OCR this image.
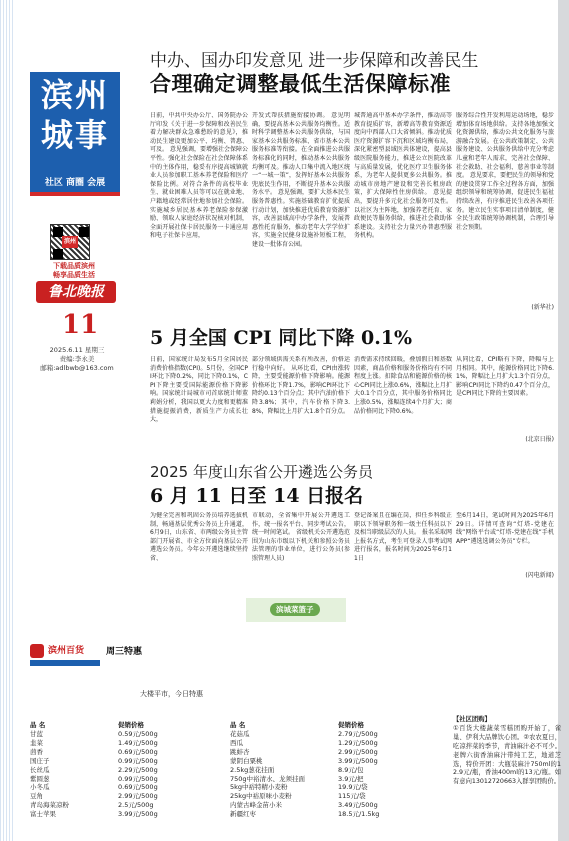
滨州
城事
社区 商圈 会展
滨州
下载品质滨州
畅享品质生活
鲁北晚报
11
2025.6.11 星期三
责编:李永美
邮箱:adlbwb@163.com
中办、国办印发意见 进一步保障和改善民生
合理确定调整最低生活保障标准
日前，中共中央办公厅、国务院办公厅印发《关于进一步保障和改善民生 着力解决群众急难愁盼的意见》，推动民生建设更加公平、均衡、普惠、可及。 意见强调，要增强社会保障公平性。强化社会保险在社会保障体系中的主体作用，稳妥有序提高城镇就业人员参加职工基本养老保险和医疗保险比例。对符合条件的高校毕业生、就业困难人员等可以在就业地、户籍地或经常居住地参加社会保险。实施城乡居民基本养老保险参保激励、领取人家庭经济状况核对机制，全面开展社保卡居民服务一卡通应用和电子社保卡应用，
开发式帮扶措施衔接协调。 意见明确，要提高基本公共服务均衡性。适时科学调整基本公共服务供给，与国家基本公共服务标准、省市基本公共服务标准等衔接。在全面推进公共服务标准化的同时，推动基本公共服务均衡可及。推动人口集中流入地区统一“一城一策”，发挥好基本公共服务兜底民生作用，不断提升基本公共服务水平。 意见强调，要扩大基本民生服务普惠性。实施基础教育扩优提质行动计划，加快推进优质教育资源扩容，改善县域高中办学条件，发展普惠性托育服务，推动老年大学学位扩容，实施全民健身设施补短板工程，建设一批体育公园。
城普通高中基本办学条件，推动高等教育提质扩容，新增高等教育资源适度向中西部人口大省倾斜。推动优质医疗资源扩容下沉和区域均衡布局，深化紧密型县域医共体建设，提高县级医院服务能力，推进公立医院改革与高质量发展，优化医疗卫生服务体系，为老年人提供更多公共服务。推动城市房地产建设和完善长租房政策，扩大保障性住房供给。 意见提出，要提升多元化社会服务可及性。以社区为主阵地，加强养老托育、家政便民等服务供给，推进社会救助体系建设。支持社会力量兴办普惠型服务机构。
服务综合性开发利用运动场地，稳步增加体育场地供给。支持各地加强文化资源供给，推动公共文化服务与旅游融合发展。在公共政策制定、公共服务建设、公共服务供给中充分考虑儿童和老年人需求，完善社会保障、社会救助、社会福利、慈善事业等制度。 意见要求，要把民生的领导和党的建设贯穿工作全过程各方面，加强组织领导和统筹协调，促进民生福祉持续改善，有序推进民生改善各项任务。建立民生实事项目清单制度，健全民生政策统筹协调机制，合理引导社会预期。
(新华社)
5 月全国 CPI 同比下降 0.1%
日前，国家统计局发布5月全国居民消费价格指数(CPI)。5月份，全国CPI环比下降0.2%，同比下降0.1%，CPI下降主要受国际能源价格下降影响。国家统计局城市司首席统计师董莉娟分析，我国以更大力度和更精准措施提振消费，新质生产力成长壮大，
部分领域供需关系有所改善，价格运行稳中向好。 从环比看，CPI由涨转降，主要受能源价格下降影响。能源价格环比下降1.7%，影响CPI环比下降约0.13个百分点；其中汽油价格下降3.8%；其中，汽车价格下降3.8%，降幅比上月扩大1.8个百分点。
消费需求持续回暖，叠加假日和基数因素，商品价格和服务价格均有不同程度上涨。扣除食品和能源价格的核心CPI同比上涨0.6%，涨幅比上月扩大0.1个百分点，其中服务价格同比上涨0.5%，涨幅连续4个月扩大；商品价格同比下降0.6%。
从同比看，CPI略有下降，降幅与上月相同。其中，能源价格同比下降6.1%，降幅比上月扩大1.3个百分点，影响CPI同比下降约0.47个百分点，是CPI同比下降的主要因素。
(北京日报)
2025 年度山东省公开遴选公务员
6 月 11 日至 14 日报名
为健全完善和巩固公务员培养选拔机制，畅通基层优秀公务员上升通道，6月9日，山东省、市两级公务员主管部门开展省、市全方位面向基层公开遴选公务员。今年公开遴选继续坚持省、
市联动，全省集中开展公开遴选工作，统一报名平台、同步考试公告，统一时间笔试。 省级机关公开遴选范围为山东市级以下机关和参照公务员法管理的事业单位，进行公务员(参照管理人员)
登记备案且在编在岗，担任乡科级正职以下领导职务和一级主任科员以下及相当职级层次的人员。 报名采取网上报名方式，考生可登录人事考试网进行报名，报名时间为2025年6月11日
至6月14日，笔试时间为2025年6月29日。详情可查询“灯塔-党建在线”网络平台或“灯塔-党建在线”手机APP“遴选选调公务员”专栏。
(闪电新闻)
滨城菜篮子
滨州百货 周三特惠
大楼平市，今日特惠
品 名	促销价格	品 名	促销价格
甘蓝	0.59元/500g
韭菜	1.49元/500g
茴香	0.69元/500g
国庄子	0.99元/500g
长丝瓜	2.29元/500g
紫圆葱	0.99元/500g
小冬瓜	0.69元/500g
豆角	2.99元/500g
青岛海菜凉粉	2.5元/500g
富士苹果	3.99元/500g
花菇瓜	2.79元/500g
西瓜	1.29元/500g
跳蚌杏	2.99元/500g
蒙阴白粟桃	3.99元/500g
2.5kg葱花挂面	8.9元/包
750g中裕清水、龙须挂面	3.9元/把
5kg中裕特精小麦粉	19.9元/袋
25kg中裕原味小麦粉	115元/袋
内蒙古峰金苗小米	3.49元/500g
新疆红枣	18.5元/1.5kg
【社区团购】
①百货大楼蔬菜雪糕团购开始了，雀巢、伊利大品牌饮心团。②农农夏日，吃凉拌菜的季节，青油麻汁必不可少。老牌六街香油麻汁带纯工艺，地道芝选，特价开团：大瓶装麻汁750ml的12.9元/瓶，香油400ml的13元/瓶。如有意向13012720663入群享团购价。
